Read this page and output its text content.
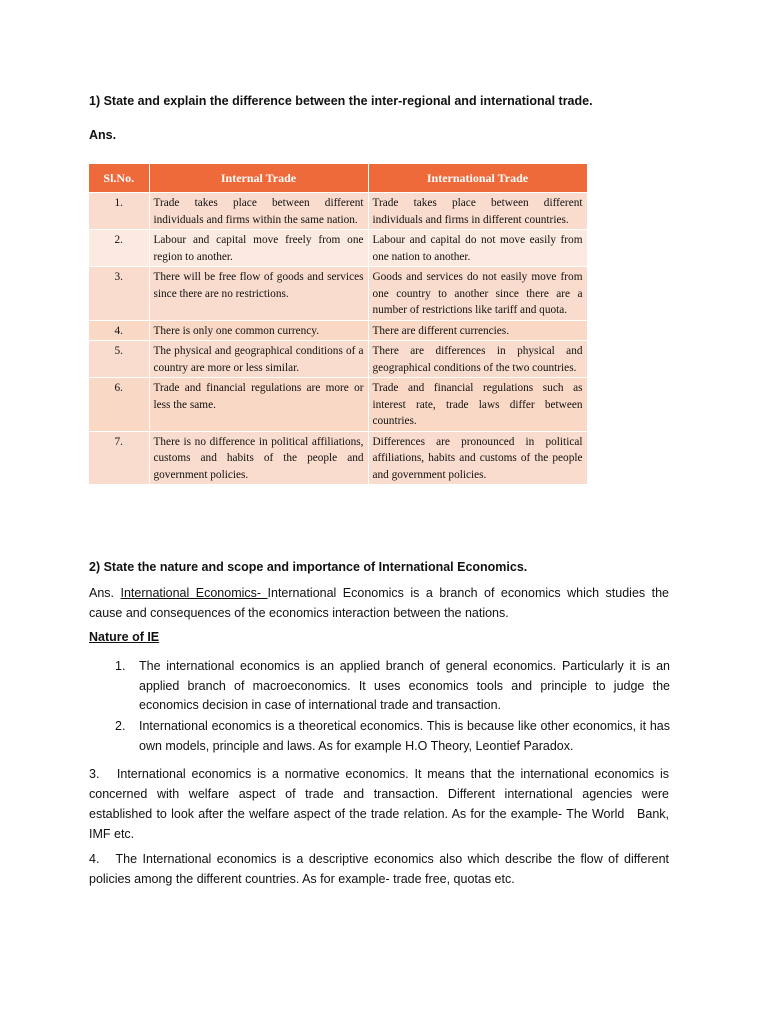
1) State and explain the difference between the inter-regional and international trade.

Ans.
Sl.No.	Internal Trade	International Trade
1.	Trade takes place between different individuals and firms within the same nation.	Trade takes place between different individuals and firms in different countries.
2.	Labour and capital move freely from one region to another.	Labour and capital do not move easily from one nation to another.
3.	There will be free flow of goods and services since there are no restrictions.	Goods and services do not easily move from one country to another since there are a number of restrictions like tariff and quota.
4.	There is only one common currency.	There are different currencies.
5.	The physical and geographical conditions of a country are more or less similar.	There are differences in physical and geographical conditions of the two countries.
6.	Trade and financial regulations are more or less the same.	Trade and financial regulations such as interest rate, trade laws differ between countries.
7.	There is no difference in political affiliations, customs and habits of the people and government policies.	Differences are pronounced in political affiliations, habits and customs of the people and government policies.

2) State the nature and scope and importance of International Economics.

Ans. International Economics- International Economics is a branch of economics which studies the cause and consequences of the economics interaction between the nations.

Nature of IE
1. The international economics is an applied branch of general economics. Particularly it is an applied branch of macroeconomics. It uses economics tools and principle to judge the economics decision in case of international trade and transaction.
2. International economics is a theoretical economics. This is because like other economics, it has own models, principle and laws. As for example H.O Theory, Leontief Paradox.

3.   International economics is a normative economics. It means that the international economics is            concerned with welfare aspect of trade and transaction. Different international agencies were     established to look after the welfare aspect of the trade relation. As for the example- The World   Bank, IMF etc.

4.   The International economics is a descriptive economics also which describe the flow of different policies among the different countries. As for example- trade free, quotas etc.
